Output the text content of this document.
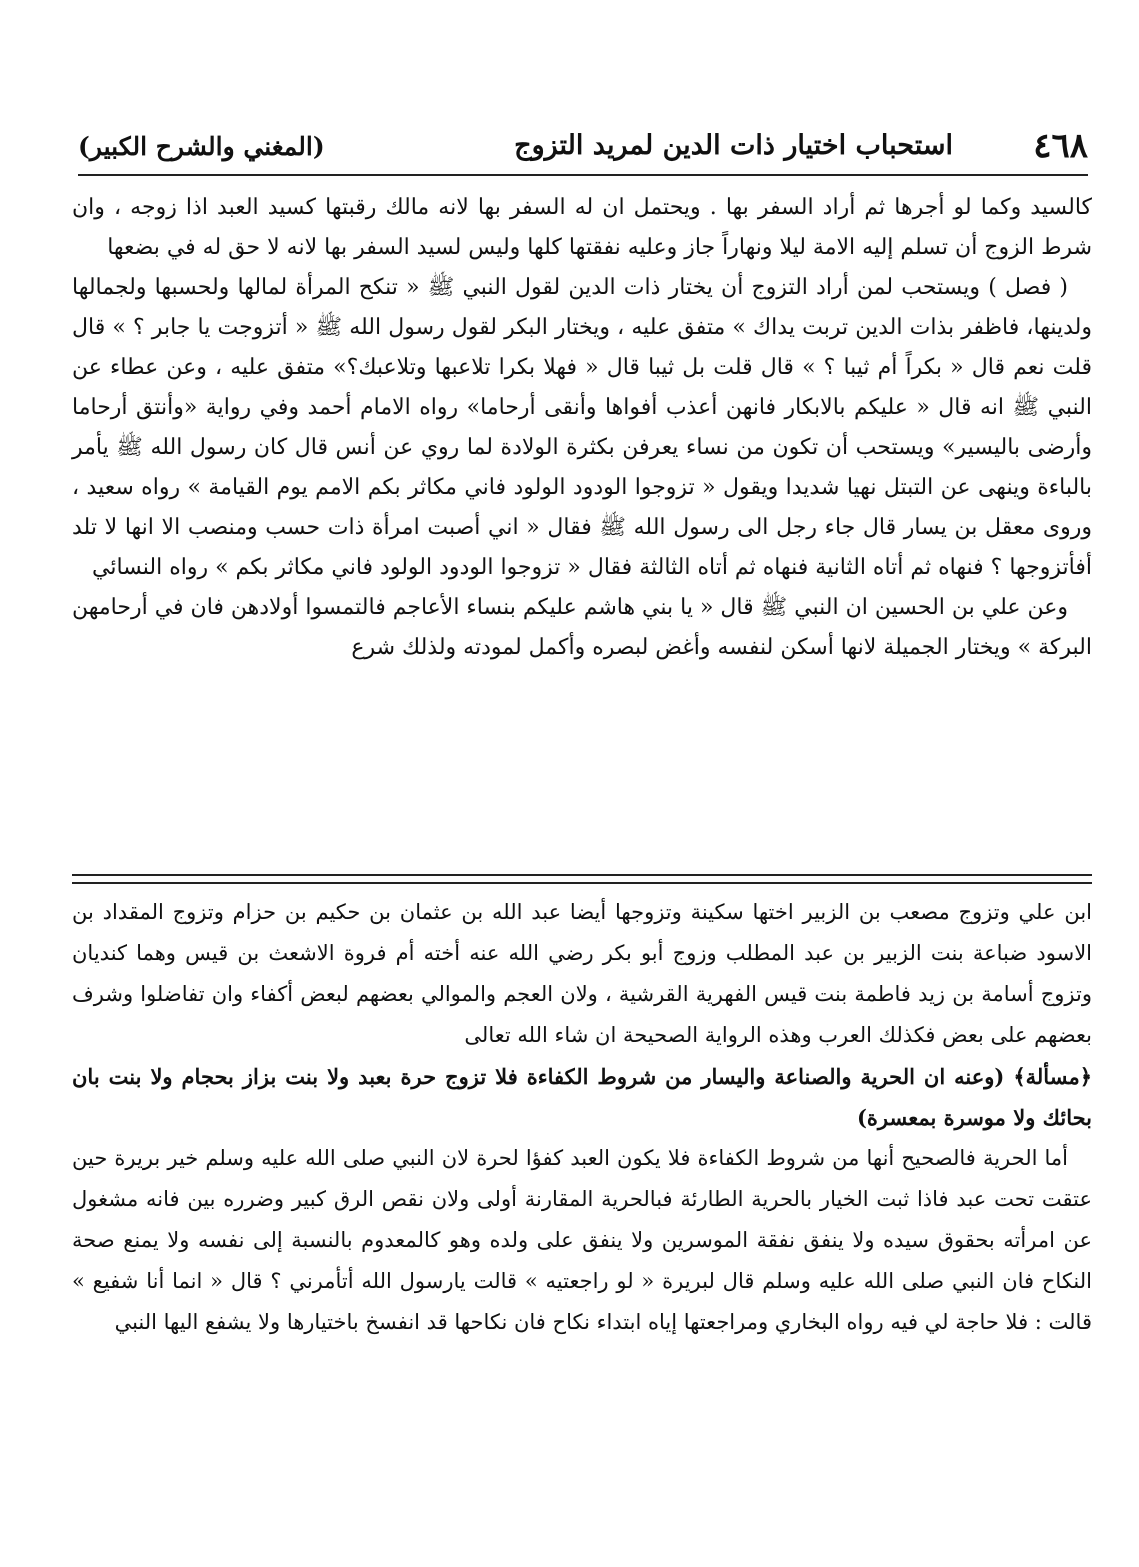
٤٦٨
استحباب اختيار ذات الدين لمريد التزوج
(المغني والشرح الكبير)

كالسيد وكما لو أجرها ثم أراد السفر بها . ويحتمل ان له السفر بها لانه مالك رقبتها كسيد العبد اذا زوجه ، وان شرط الزوج أن تسلم إليه الامة ليلا ونهاراً جاز وعليه نفقتها كلها وليس لسيد السفر بها لانه لا حق له في بضعها

( فصل ) ويستحب لمن أراد التزوج أن يختار ذات الدين لقول النبي ﷺ « تنكح المرأة لمالها ولحسبها ولجمالها ولدينها، فاظفر بذات الدين تربت يداك » متفق عليه ، ويختار البكر لقول رسول الله ﷺ « أتزوجت يا جابر ؟ » قال قلت نعم قال « بكراً أم ثيبا ؟ » قال قلت بل ثيبا قال « فهلا بكرا تلاعبها وتلاعبك؟» متفق عليه ، وعن عطاء عن النبي ﷺ انه قال « عليكم بالابكار فانهن أعذب أفواها وأنقى أرحاما» رواه الامام أحمد وفي رواية «وأنتق أرحاما وأرضى باليسير» ويستحب أن تكون من نساء يعرفن بكثرة الولادة لما روي عن أنس قال كان رسول الله ﷺ يأمر بالباءة وينهى عن التبتل نهيا شديدا ويقول « تزوجوا الودود الولود فاني مكاثر بكم الامم يوم القيامة » رواه سعيد ، وروى معقل بن يسار قال جاء رجل الى رسول الله ﷺ فقال « اني أصبت امرأة ذات حسب ومنصب الا انها لا تلد أفأتزوجها ؟ فنهاه ثم أتاه الثانية فنهاه ثم أتاه الثالثة فقال « تزوجوا الودود الولود فاني مكاثر بكم » رواه النسائي

وعن علي بن الحسين ان النبي ﷺ قال « يا بني هاشم عليكم بنساء الأعاجم فالتمسوا أولادهن فان في أرحامهن البركة » ويختار الجميلة لانها أسكن لنفسه وأغض لبصره وأكمل لمودته ولذلك شرع

ابن علي وتزوج مصعب بن الزبير اختها سكينة وتزوجها أيضا عبد الله بن عثمان بن حكيم بن حزام وتزوج المقداد بن الاسود ضباعة بنت الزبير بن عبد المطلب وزوج أبو بكر رضي الله عنه أخته أم فروة الاشعث بن قيس وهما كنديان وتزوج أسامة بن زيد فاطمة بنت قيس الفهرية القرشية ، ولان العجم والموالي بعضهم لبعض أكفاء وان تفاضلوا وشرف بعضهم على بعض فكذلك العرب وهذه الرواية الصحيحة ان شاء الله تعالى

﴿مسألة﴾ (وعنه ان الحرية والصناعة واليسار من شروط الكفاءة فلا تزوج حرة بعبد ولا بنت بزاز بحجام ولا بنت بان بحائك ولا موسرة بمعسرة)

أما الحرية فالصحيح أنها من شروط الكفاءة فلا يكون العبد كفؤا لحرة لان النبي صلى الله عليه وسلم خير بريرة حين عتقت تحت عبد فاذا ثبت الخيار بالحرية الطارئة فبالحرية المقارنة أولى ولان نقص الرق كبير وضرره بين فانه مشغول عن امرأته بحقوق سيده ولا ينفق نفقة الموسرين ولا ينفق على ولده وهو كالمعدوم بالنسبة إلى نفسه ولا يمنع صحة النكاح فان النبي صلى الله عليه وسلم قال لبريرة « لو راجعتيه » قالت يارسول الله أتأمرني ؟ قال « انما أنا شفيع » قالت : فلا حاجة لي فيه رواه البخاري ومراجعتها إياه ابتداء نكاح فان نكاحها قد انفسخ باختيارها ولا يشفع اليها النبي
